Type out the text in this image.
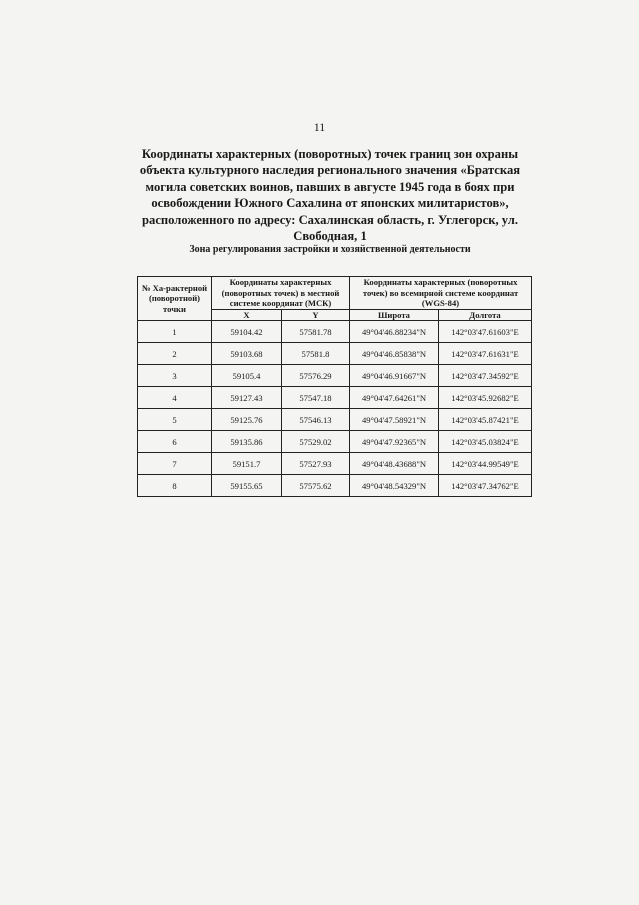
11
Координаты характерных (поворотных) точек границ зон охраны
объекта культурного наследия регионального значения «Братская
могила советских воинов, павших в августе 1945 года в боях при
освобождении Южного Сахалина от японских милитаристов»,
расположенного по адресу: Сахалинская область, г. Углегорск, ул.
Свободная, 1
Зона регулирования застройки и хозяйственной деятельности
№ Ха-рактерной (поворотной) точки	Координаты характерных (поворотных точек) в местной системе координат (МСК)		Координаты характерных (поворотных точек) во всемирной системе координат (WGS-84)	
	X	Y	Широта	Долгота
1	59104.42	57581.78	49°04'46.88234"N	142°03'47.61603"E
2	59103.68	57581.8	49°04'46.85838"N	142°03'47.61631"E
3	59105.4	57576.29	49°04'46.91667"N	142°03'47.34592"E
4	59127.43	57547.18	49°04'47.64261"N	142°03'45.92682"E
5	59125.76	57546.13	49°04'47.58921"N	142°03'45.87421"E
6	59135.86	57529.02	49°04'47.92365"N	142°03'45.03824"E
7	59151.7	57527.93	49°04'48.43688"N	142°03'44.99549"E
8	59155.65	57575.62	49°04'48.54329"N	142°03'47.34762"E
